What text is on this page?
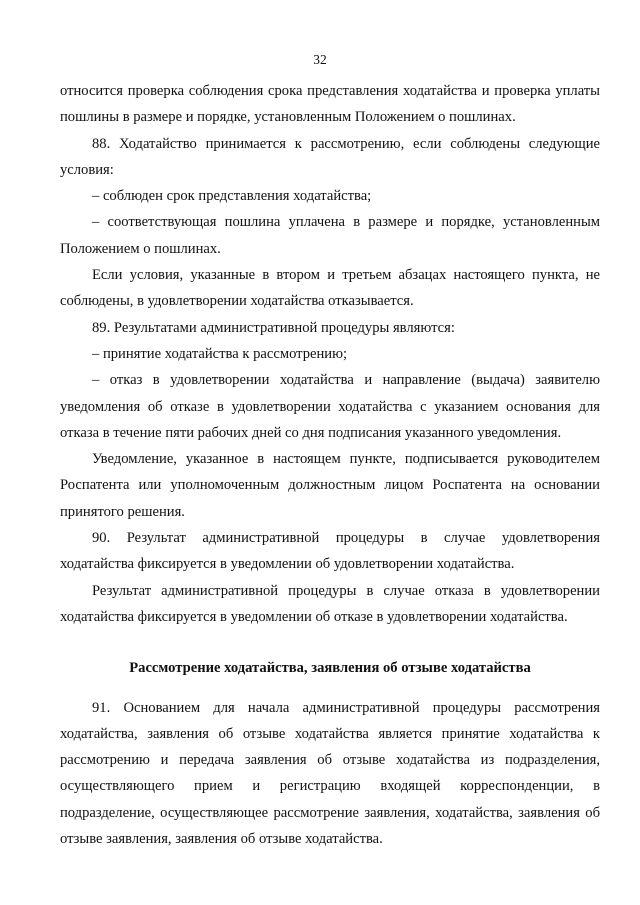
32

относится проверка соблюдения срока представления ходатайства и проверка уплаты пошлины в размере и порядке, установленным Положением о пошлинах.

88. Ходатайство принимается к рассмотрению, если соблюдены следующие условия:

– соблюден срок представления ходатайства;

– соответствующая пошлина уплачена в размере и порядке, установленным Положением о пошлинах.

Если условия, указанные в втором и третьем абзацах настоящего пункта, не соблюдены, в удовлетворении ходатайства отказывается.

89. Результатами административной процедуры являются:

– принятие ходатайства к рассмотрению;

– отказ в удовлетворении ходатайства и направление (выдача) заявителю уведомления об отказе в удовлетворении ходатайства с указанием основания для отказа в течение пяти рабочих дней со дня подписания указанного уведомления.

Уведомление, указанное в настоящем пункте, подписывается руководителем Роспатента или уполномоченным должностным лицом Роспатента на основании принятого решения.

90. Результат административной процедуры в случае удовлетворения ходатайства фиксируется в уведомлении об удовлетворении ходатайства.

Результат административной процедуры в случае отказа в удовлетворении ходатайства фиксируется в уведомлении об отказе в удовлетворении ходатайства.

Рассмотрение ходатайства, заявления об отзыве ходатайства

91. Основанием для начала административной процедуры рассмотрения ходатайства, заявления об отзыве ходатайства является принятие ходатайства к рассмотрению и передача заявления об отзыве ходатайства из подразделения, осуществляющего прием и регистрацию входящей корреспонденции, в подразделение, осуществляющее рассмотрение заявления, ходатайства, заявления об отзыве заявления, заявления об отзыве ходатайства.
